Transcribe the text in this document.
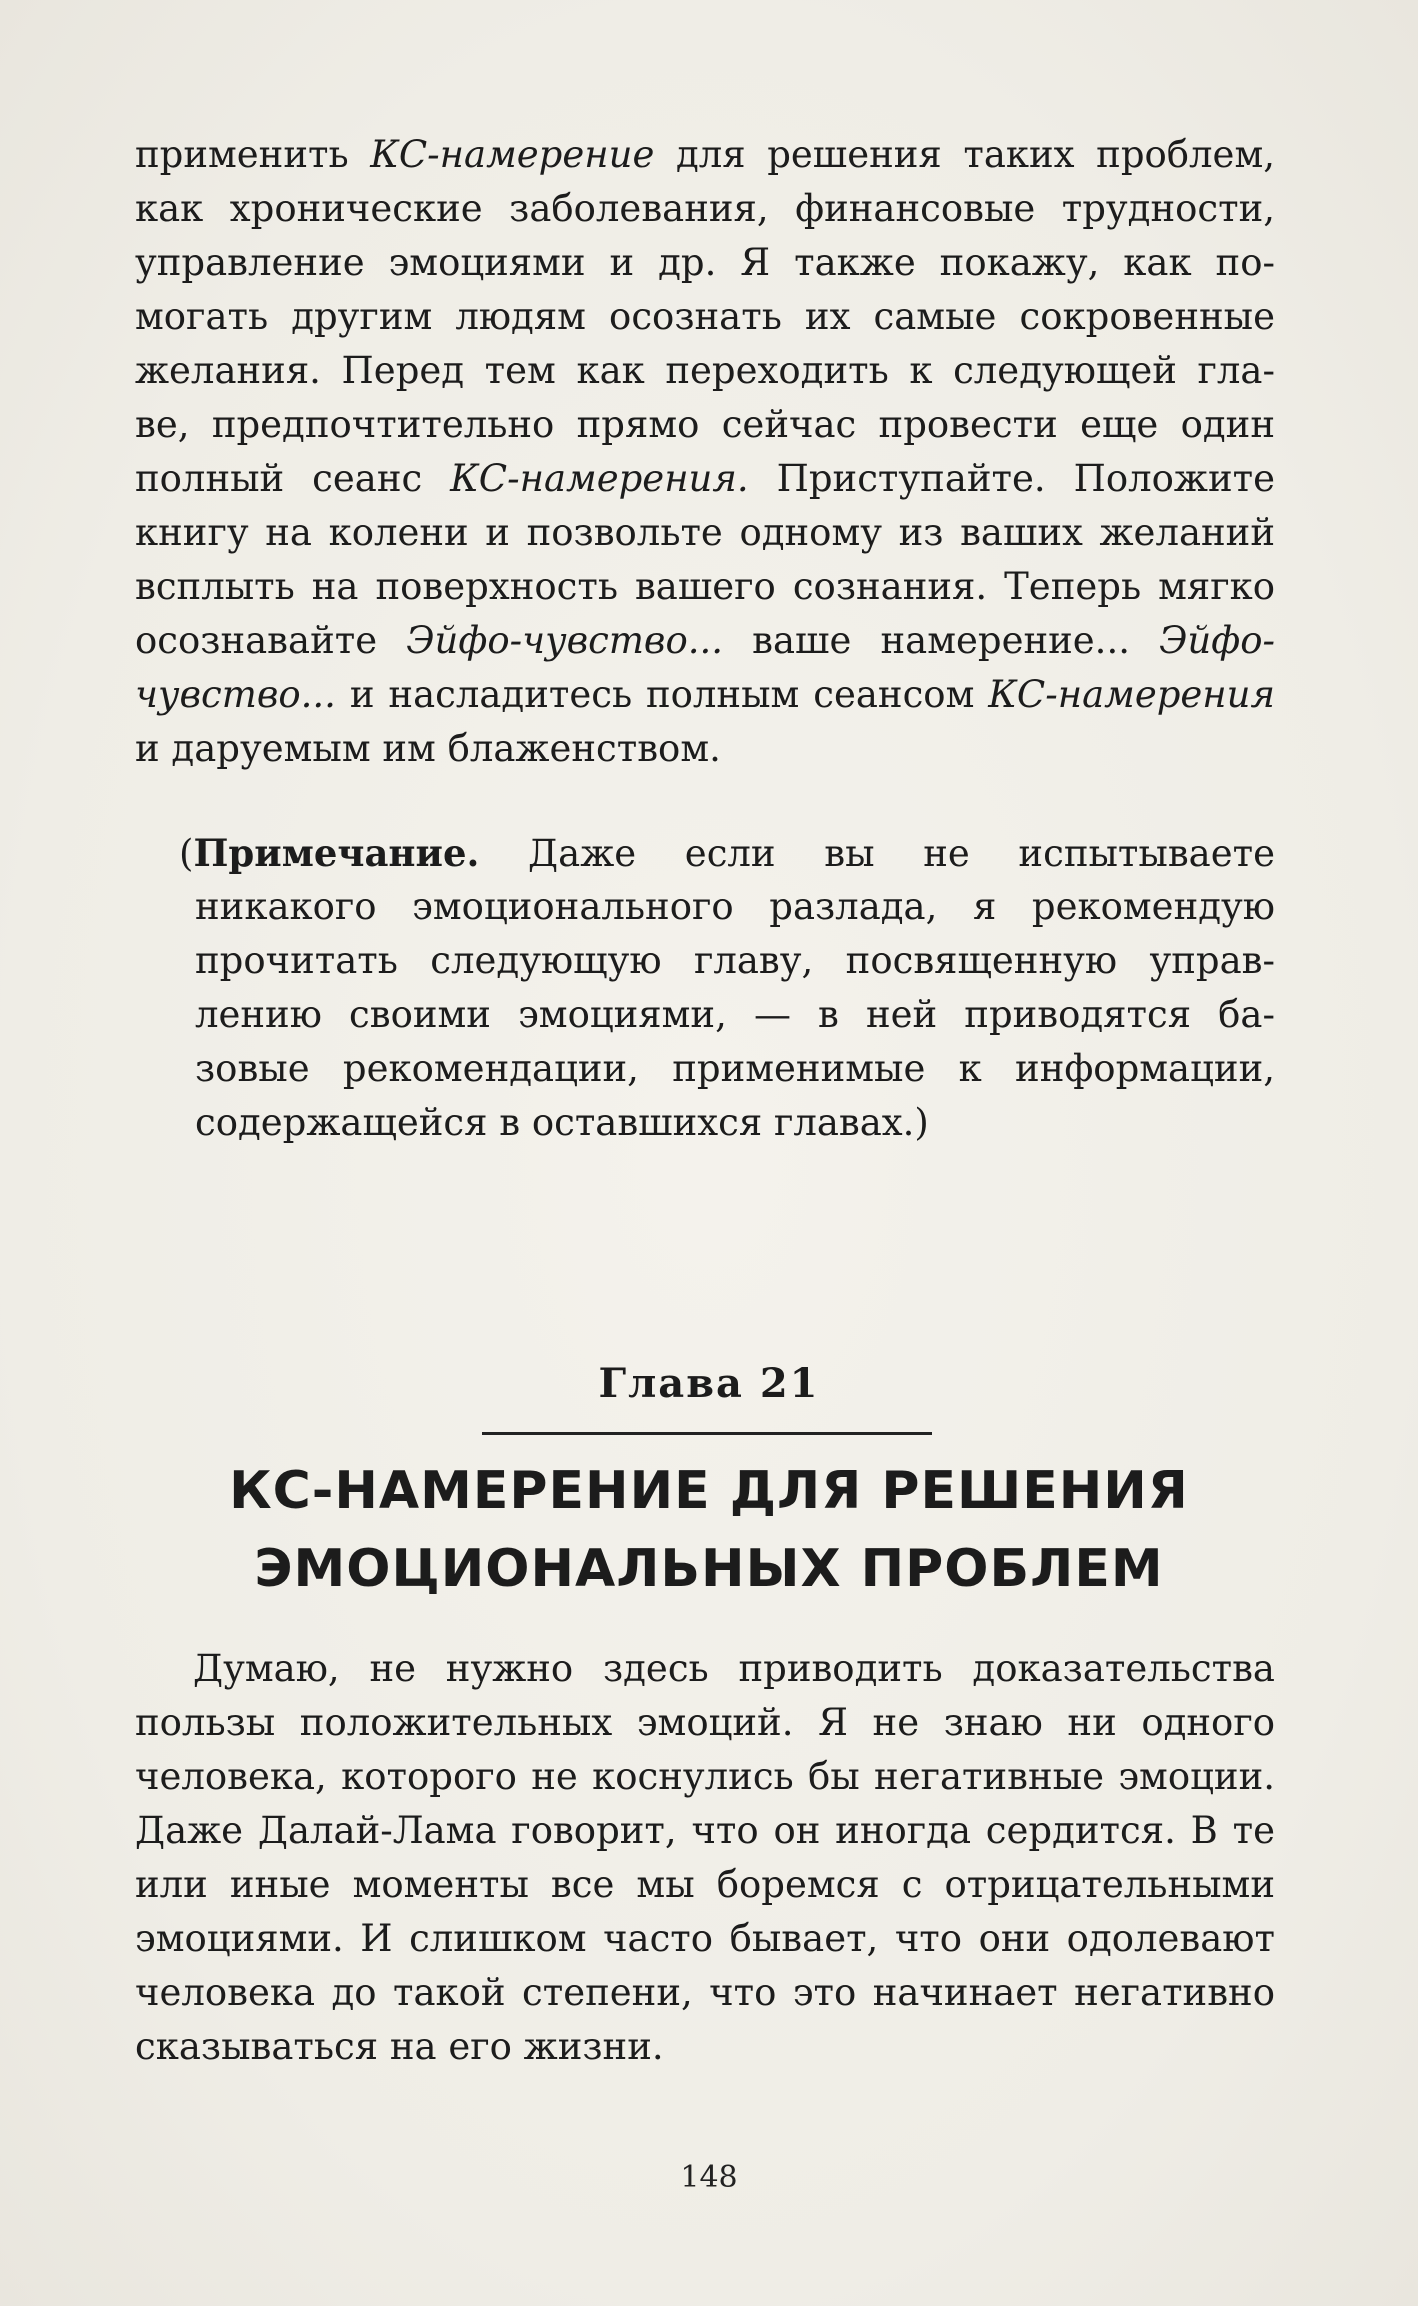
применить КС-намерение для решения таких проблем,
как хронические заболевания, финансовые трудности,
управление эмоциями и др. Я также покажу, как по-
могать другим людям осознать их самые сокровенные
желания. Перед тем как переходить к следующей гла-
ве, предпочтительно прямо сейчас провести еще один
полный сеанс КС-намерения. Приступайте. Положите
книгу на колени и позвольте одному из ваших желаний
всплыть на поверхность вашего сознания. Теперь мягко
осознавайте Эйфо-чувство... ваше намерение... Эйфо-
чувство... и насладитесь полным сеансом КС-намерения
и даруемым им блаженством.
(Примечание. Даже если вы не испытываете
никакого эмоционального разлада, я рекомендую
прочитать следующую главу, посвященную управ-
лению своими эмоциями, — в ней приводятся ба-
зовые рекомендации, применимые к информации,
содержащейся в оставшихся главах.)
Глава 21
КС-НАМЕРЕНИЕ ДЛЯ РЕШЕНИЯ
ЭМОЦИОНАЛЬНЫХ ПРОБЛЕМ
Думаю, не нужно здесь приводить доказательства
пользы положительных эмоций. Я не знаю ни одного
человека, которого не коснулись бы негативные эмоции.
Даже Далай-Лама говорит, что он иногда сердится. В те
или иные моменты все мы боремся с отрицательными
эмоциями. И слишком часто бывает, что они одолевают
человека до такой степени, что это начинает негативно
сказываться на его жизни.
148
